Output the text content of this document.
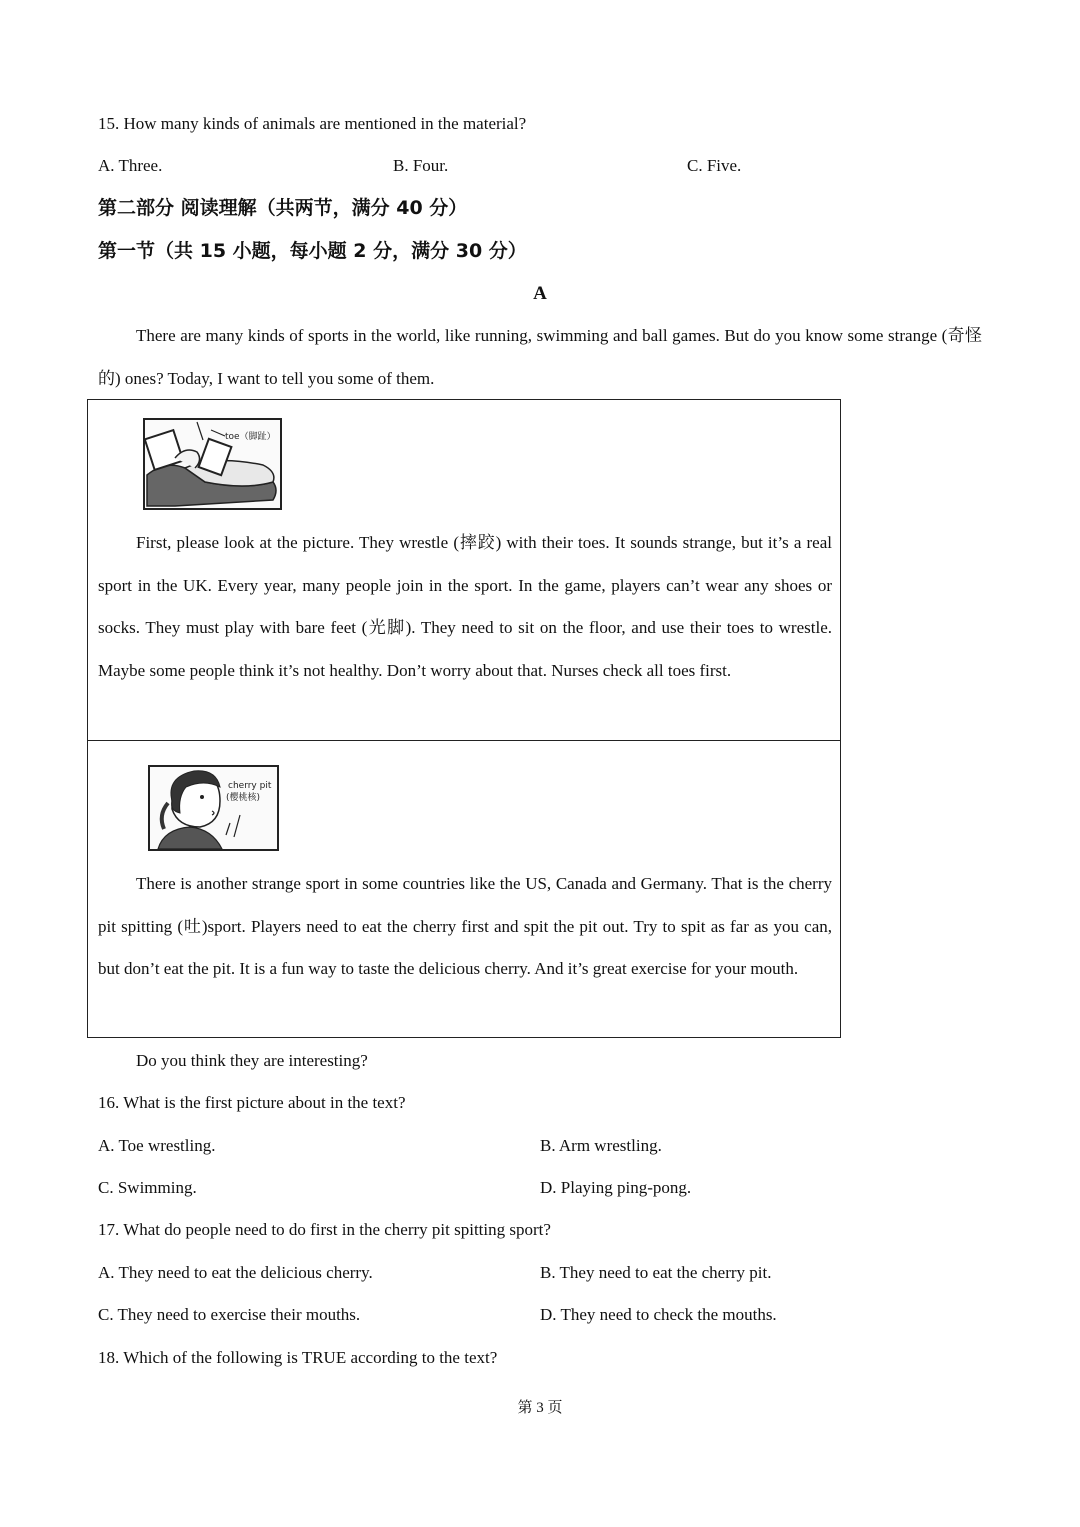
15. How many kinds of animals are mentioned in the material?
A. Three.	B. Four.	C. Five.
第二部分 阅读理解（共两节，满分 40 分）
第一节（共 15 小题，每小题 2 分，满分 30 分）
A
There are many kinds of sports in the world, like running, swimming and ball games. But do you know some strange (奇怪的) ones? Today, I want to tell you some of them.
toe（脚趾）
First, please look at the picture. They wrestle (摔跤) with their toes. It sounds strange, but it’s a real sport in the UK. Every year, many people join in the sport. In the game, players can’t wear any shoes or socks. They must play with bare feet (光脚). They need to sit on the floor, and use their toes to wrestle. Maybe some people think it’s not healthy. Don’t worry about that. Nurses check all toes first.
cherry pit
(樱桃核)
There is another strange sport in some countries like the US, Canada and Germany. That is the cherry pit spitting (吐)sport. Players need to eat the cherry first and spit the pit out. Try to spit as far as you can, but don’t eat the pit. It is a fun way to taste the delicious cherry. And it’s great exercise for your mouth.
Do you think they are interesting?
16. What is the first picture about in the text?
A. Toe wrestling.	B. Arm wrestling.
C. Swimming.	D. Playing ping-pong.
17. What do people need to do first in the cherry pit spitting sport?
A. They need to eat the delicious cherry.	B. They need to eat the cherry pit.
C. They need to exercise their mouths.	D. They need to check the mouths.
18. Which of the following is TRUE according to the text?
第 3 页
